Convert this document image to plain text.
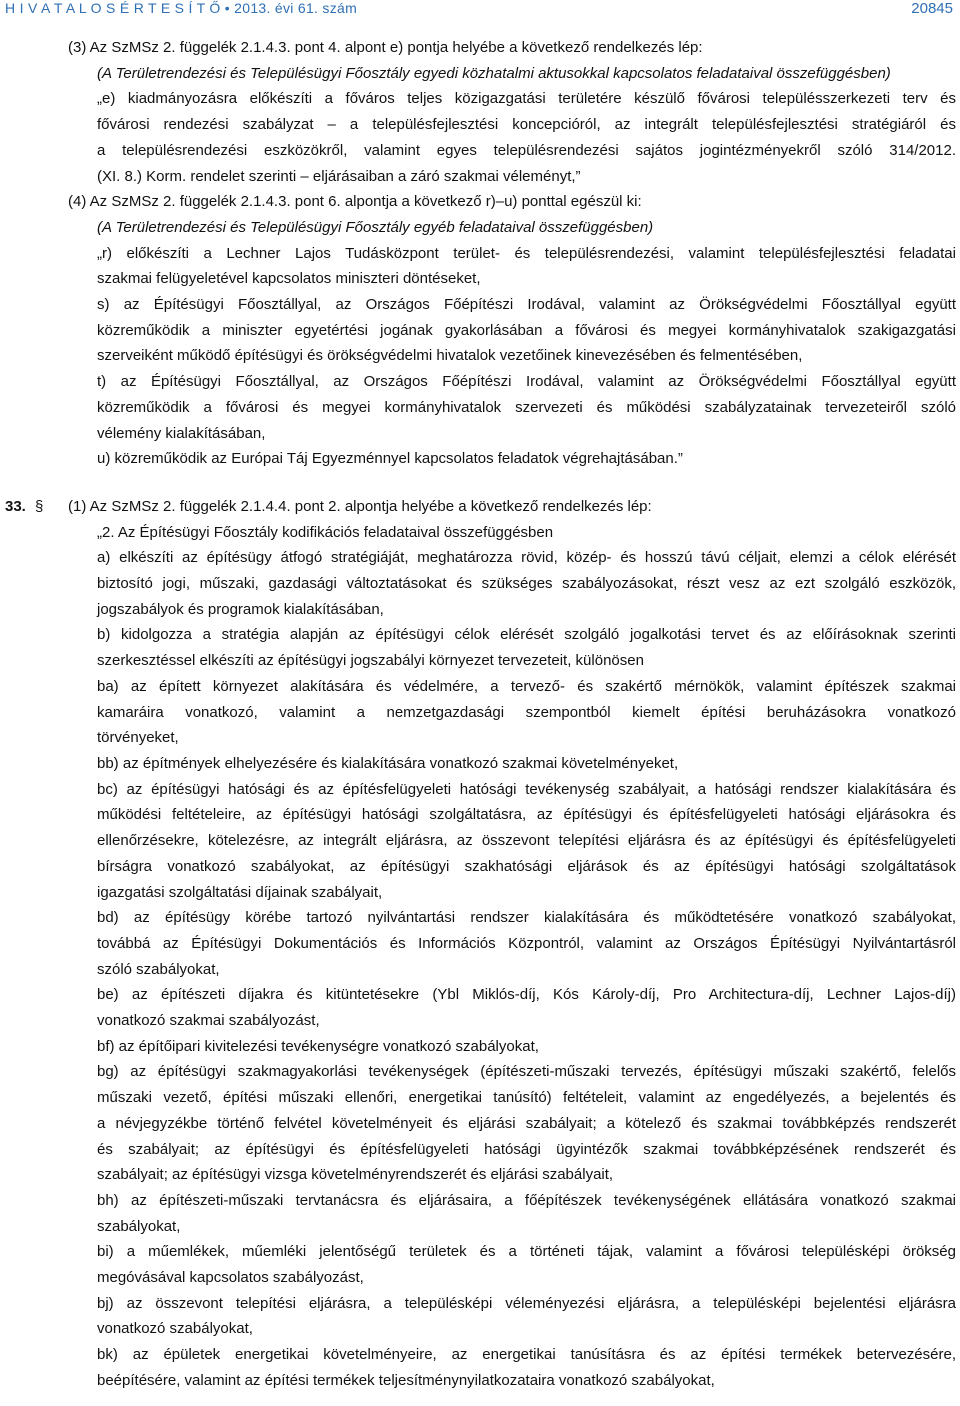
H I V A T A L O S É R T E S Í T Ő • 2013. évi 61. szám	20845
(3) Az SzMSz 2. függelék 2.1.4.3. pont 4. alpont e) pontja helyébe a következő rendelkezés lép:
(A Területrendezési és Településügyi Főosztály egyedi közhatalmi aktusokkal kapcsolatos feladataival összefüggésben)
„e) kiadmányozásra előkészíti a főváros teljes közigazgatási területére készülő fővárosi településszerkezeti terv és
fővárosi rendezési szabályzat – a településfejlesztési koncepcióról, az integrált településfejlesztési stratégiáról és
a településrendezési eszközökről, valamint egyes településrendezési sajátos jogintézményekről szóló 314/2012.
(XI. 8.) Korm. rendelet szerinti – eljárásaiban a záró szakmai véleményt,”
(4) Az SzMSz 2. függelék 2.1.4.3. pont 6. alpontja a következő r)–u) ponttal egészül ki:
(A Területrendezési és Településügyi Főosztály egyéb feladataival összefüggésben)
„r) előkészíti a Lechner Lajos Tudásközpont terület- és településrendezési, valamint településfejlesztési feladatai
szakmai felügyeletével kapcsolatos miniszteri döntéseket,
s) az Építésügyi Főosztállyal, az Országos Főépítészi Irodával, valamint az Örökségvédelmi Főosztállyal együtt
közreműködik a miniszter egyetértési jogának gyakorlásában a fővárosi és megyei kormányhivatalok szakigazgatási
szerveiként működő építésügyi és örökségvédelmi hivatalok vezetőinek kinevezésében és felmentésében,
t) az Építésügyi Főosztállyal, az Országos Főépítészi Irodával, valamint az Örökségvédelmi Főosztállyal együtt
közreműködik a fővárosi és megyei kormányhivatalok szervezeti és működési szabályzatainak tervezeteiről szóló
vélemény kialakításában,
u) közreműködik az Európai Táj Egyezménnyel kapcsolatos feladatok végrehajtásában.”
33. §	(1) Az SzMSz 2. függelék 2.1.4.4. pont 2. alpontja helyébe a következő rendelkezés lép:
„2. Az Építésügyi Főosztály kodifikációs feladataival összefüggésben
a) elkészíti az építésügy átfogó stratégiáját, meghatározza rövid, közép- és hosszú távú céljait, elemzi a célok elérését
biztosító jogi, műszaki, gazdasági változtatásokat és szükséges szabályozásokat, részt vesz az ezt szolgáló eszközök,
jogszabályok és programok kialakításában,
b) kidolgozza a stratégia alapján az építésügyi célok elérését szolgáló jogalkotási tervet és az előírásoknak szerinti
szerkesztéssel elkészíti az építésügyi jogszabályi környezet tervezeteit, különösen
ba) az épített környezet alakítására és védelmére, a tervező- és szakértő mérnökök, valamint építészek szakmai
kamaráira vonatkozó, valamint a nemzetgazdasági szempontból kiemelt építési beruházásokra vonatkozó
törvényeket,
bb) az építmények elhelyezésére és kialakítására vonatkozó szakmai követelményeket,
bc) az építésügyi hatósági és az építésfelügyeleti hatósági tevékenység szabályait, a hatósági rendszer kialakítására és
működési feltételeire, az építésügyi hatósági szolgáltatásra, az építésügyi és építésfelügyeleti hatósági eljárásokra és
ellenőrzésekre, kötelezésre, az integrált eljárásra, az összevont telepítési eljárásra és az építésügyi és építésfelügyeleti
bírságra vonatkozó szabályokat, az építésügyi szakhatósági eljárások és az építésügyi hatósági szolgáltatások
igazgatási szolgáltatási díjainak szabályait,
bd) az építésügy körébe tartozó nyilvántartási rendszer kialakítására és működtetésére vonatkozó szabályokat,
továbbá az Építésügyi Dokumentációs és Információs Központról, valamint az Országos Építésügyi Nyilvántartásról
szóló szabályokat,
be) az építészeti díjakra és kitüntetésekre (Ybl Miklós-díj, Kós Károly-díj, Pro Architectura-díj, Lechner Lajos-díj)
vonatkozó szakmai szabályozást,
bf) az építőipari kivitelezési tevékenységre vonatkozó szabályokat,
bg) az építésügyi szakmagyakorlási tevékenységek (építészeti-műszaki tervezés, építésügyi műszaki szakértő, felelős
műszaki vezető, építési műszaki ellenőri, energetikai tanúsító) feltételeit, valamint az engedélyezés, a bejelentés és
a névjegyzékbe történő felvétel követelményeit és eljárási szabályait; a kötelező és szakmai továbbképzés rendszerét
és szabályait; az építésügyi és építésfelügyeleti hatósági ügyintézők szakmai továbbképzésének rendszerét és
szabályait; az építésügyi vizsga követelményrendszerét és eljárási szabályait,
bh) az építészeti-műszaki tervtanácsra és eljárásaira, a főépítészek tevékenységének ellátására vonatkozó szakmai
szabályokat,
bi) a műemlékek, műemléki jelentőségű területek és a történeti tájak, valamint a fővárosi településképi örökség
megóvásával kapcsolatos szabályozást,
bj) az összevont telepítési eljárásra, a településképi véleményezési eljárásra, a településképi bejelentési eljárásra
vonatkozó szabályokat,
bk) az épületek energetikai követelményeire, az energetikai tanúsításra és az építési termékek betervezésére,
beépítésére, valamint az építési termékek teljesítménynyilatkozataira vonatkozó szabályokat,
